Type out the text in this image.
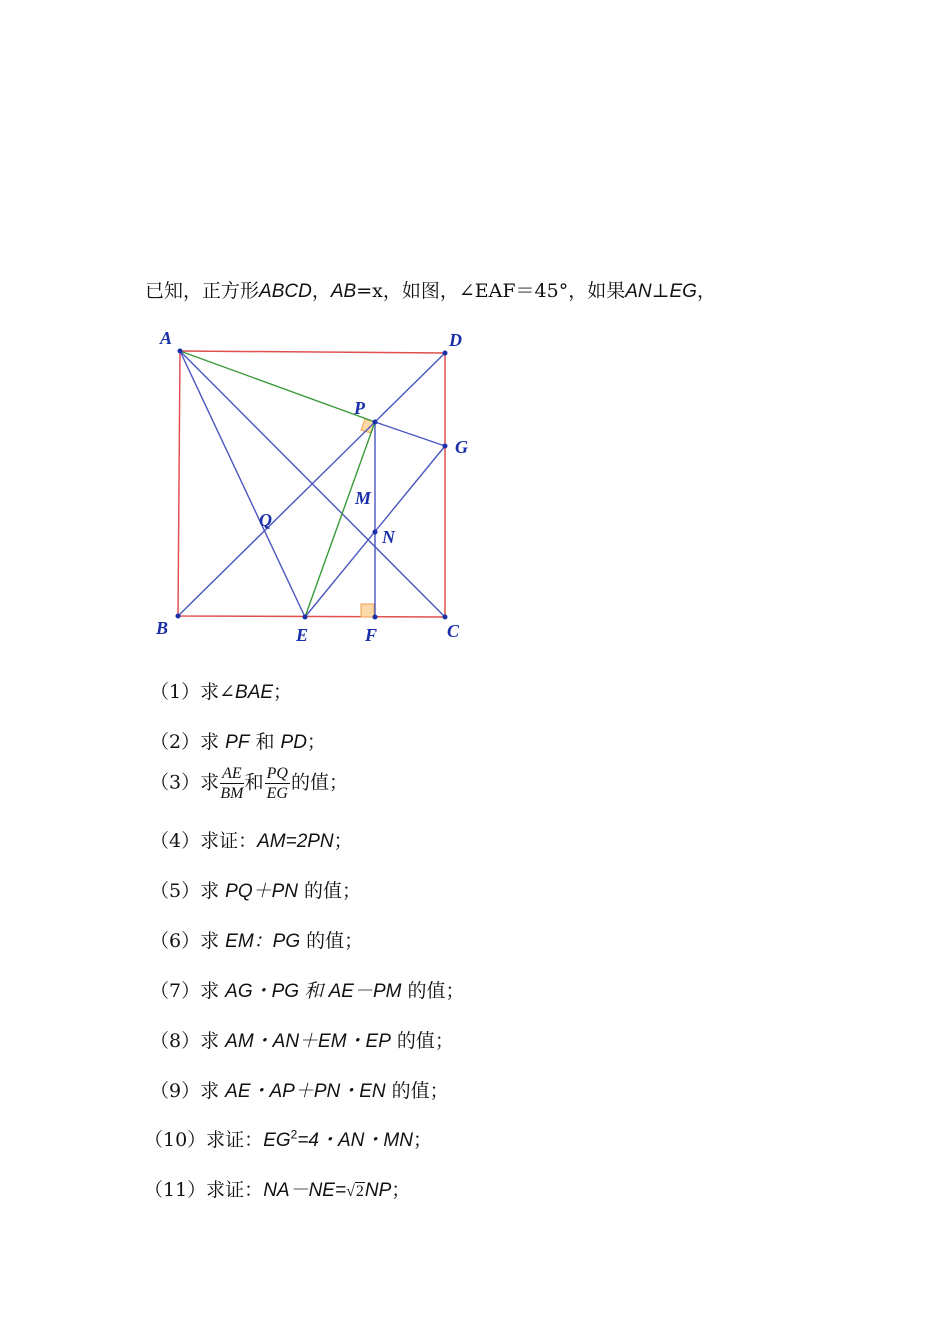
已知，正方形ABCD，AB=x，如图，∠EAF＝45°，如果AN⊥EG，
A	D
B	C
E	F
G
P
Q
M
N
（1）求∠BAE；
（2）求 PF 和 PD；
（3）求 $\frac{AE}{BM}$ 和 $\frac{PQ}{EG}$ 的值；
（4）求证：AM=2PN；
（5）求 PQ＋PN 的值；
（6）求 EM：PG 的值；
（7）求 AG・PG 和 AE－PM 的值；
（8）求 AM・AN＋EM・EP 的值；
（9）求 AE・AP＋PN・EN 的值；
（10）求证：$EG^2=4$・AN・MN；
（11）求证：NA－NE=√2NP；
